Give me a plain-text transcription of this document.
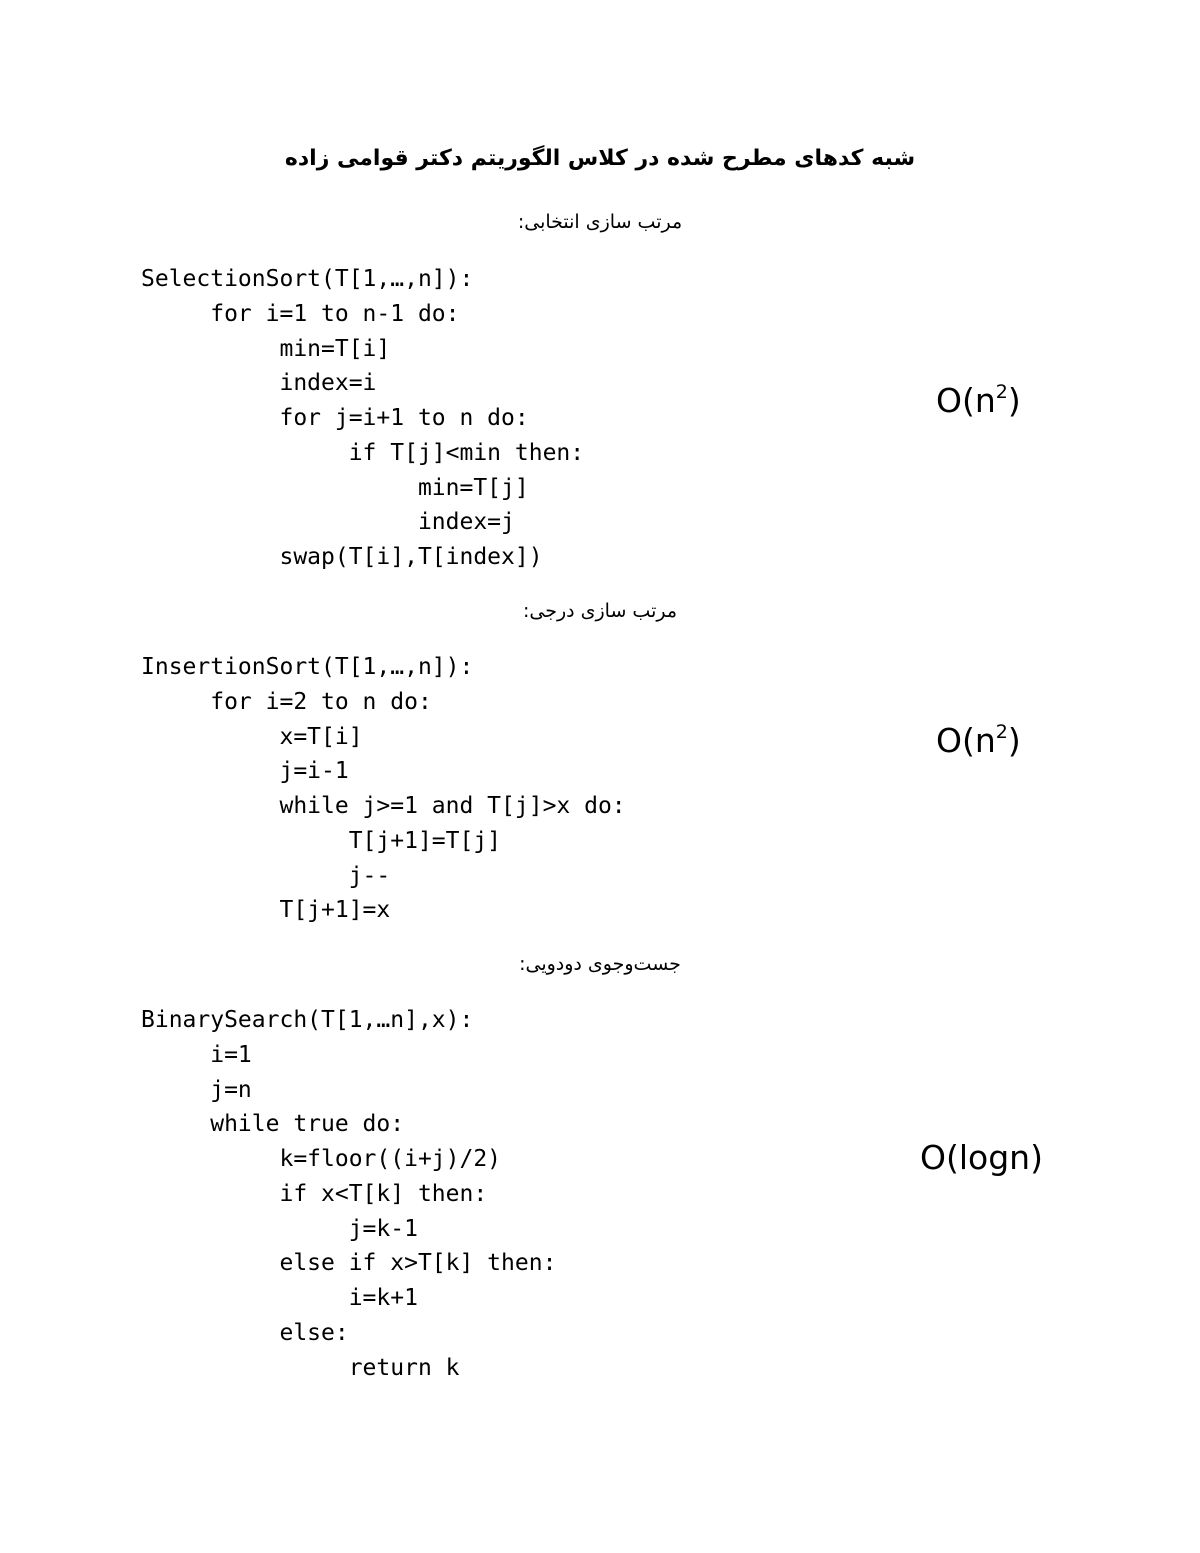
شبه کدهای مطرح شده در کلاس الگوریتم دکتر قوامی زاده
مرتب سازی انتخابی:
SelectionSort(T[1,…,n]):
for i=1 to n-1 do:
min=T[i]
index=i
for j=i+1 to n do:
if T[j]<min then:
min=T[j]
index=j
swap(T[i],T[index])
$O(n^2)$
مرتب سازی درجی:
InsertionSort(T[1,…,n]):
for i=2 to n do:
x=T[i]
j=i-1
while j>=1 and T[j]>x do:
T[j+1]=T[j]
j--
T[j+1]=x
$O(n^2)$
جست‌وجوی دودویی:
BinarySearch(T[1,…n],x):
i=1
j=n
while true do:
k=floor((i+j)/2)
if x<T[k] then:
j=k-1
else if x>T[k] then:
i=k+1
else:
return k
O(logn)
